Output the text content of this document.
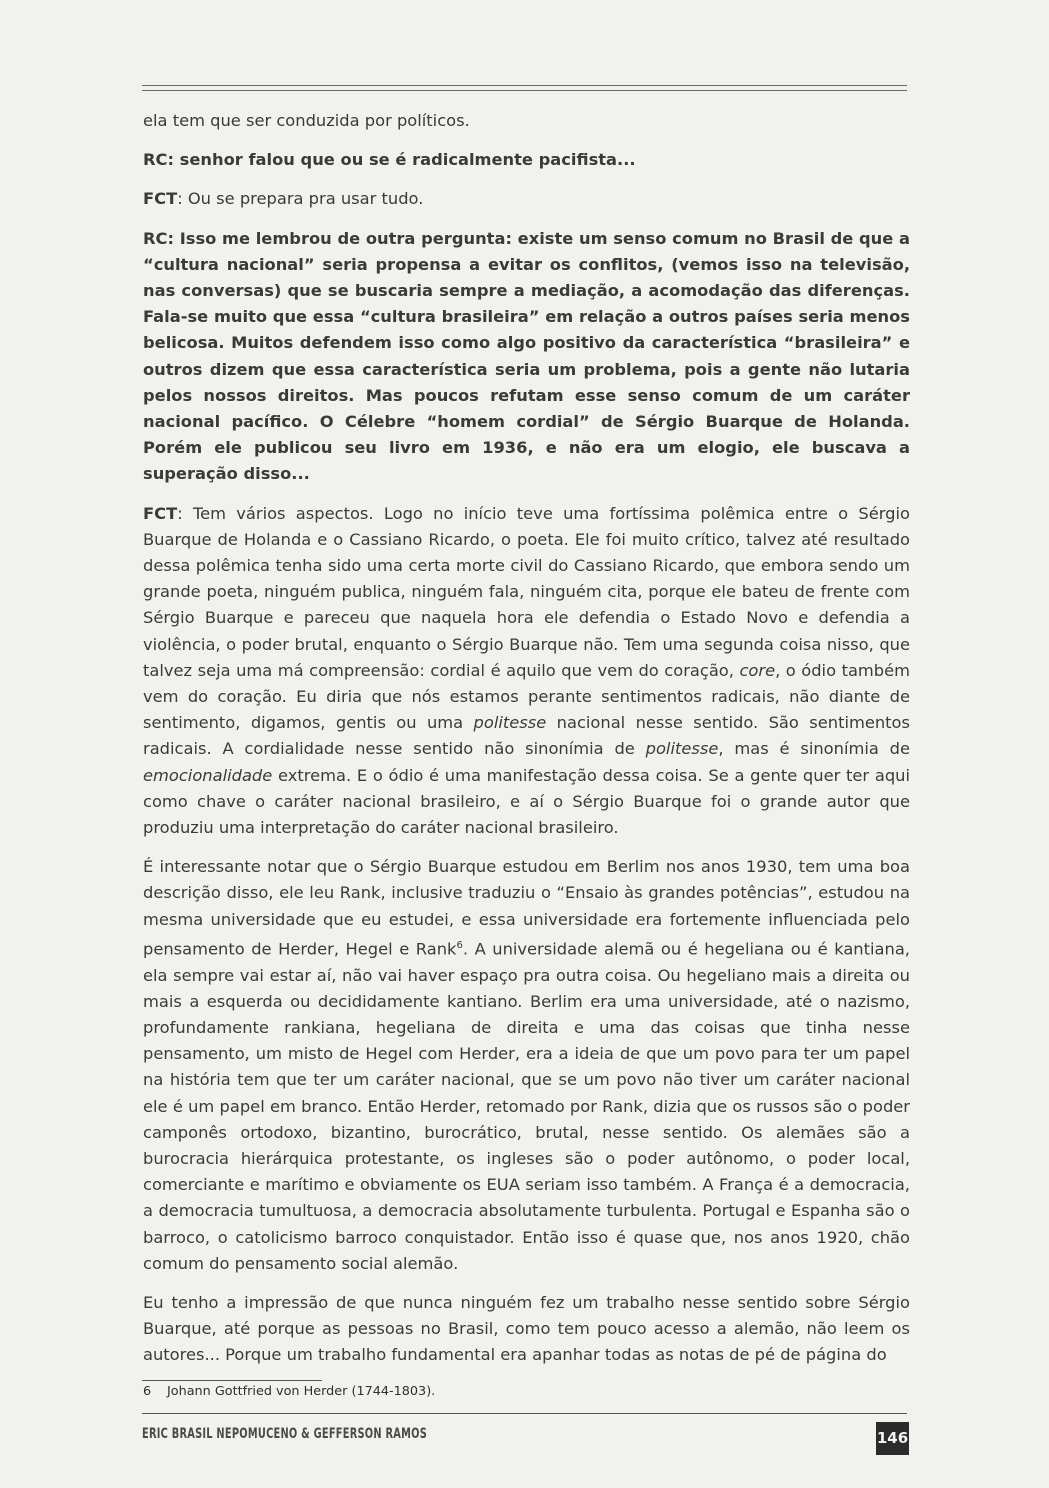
ela tem que ser conduzida por políticos.

RC: senhor falou que ou se é radicalmente pacifista...

FCT: Ou se prepara pra usar tudo.

RC: Isso me lembrou de outra pergunta: existe um senso comum no Brasil de que a “cultura nacional” seria propensa a evitar os conflitos, (vemos isso na televisão, nas conversas) que se buscaria sempre a mediação, a acomodação das diferenças. Fala-se muito que essa “cultura brasileira” em relação a outros países seria menos belicosa. Muitos defendem isso como algo positivo da característica “brasileira” e outros dizem que essa característica seria um problema, pois a gente não lutaria pelos nossos direitos. Mas poucos refutam esse senso comum de um caráter nacional pacífico. O Célebre “homem cordial” de Sérgio Buarque de Holanda. Porém ele publicou seu livro em 1936, e não era um elogio, ele buscava a superação disso...

FCT: Tem vários aspectos. Logo no início teve uma fortíssima polêmica entre o Sérgio Buarque de Holanda e o Cassiano Ricardo, o poeta. Ele foi muito crítico, talvez até resultado dessa polêmica tenha sido uma certa morte civil do Cassiano Ricardo, que embora sendo um grande poeta, ninguém publica, ninguém fala, ninguém cita, porque ele bateu de frente com Sérgio Buarque e pareceu que naquela hora ele defendia o Estado Novo e defendia a violência, o poder brutal, enquanto o Sérgio Buarque não. Tem uma segunda coisa nisso, que talvez seja uma má compreensão: cordial é aquilo que vem do coração, core, o ódio também vem do coração. Eu diria que nós estamos perante sentimentos radicais, não diante de sentimento, digamos, gentis ou uma politesse nacional nesse sentido. São sentimentos radicais. A cordialidade nesse sentido não sinonímia de politesse, mas é sinonímia de emocionalidade extrema. E o ódio é uma manifestação dessa coisa. Se a gente quer ter aqui como chave o caráter nacional brasileiro, e aí o Sérgio Buarque foi o grande autor que produziu uma interpretação do caráter nacional brasileiro.

É interessante notar que o Sérgio Buarque estudou em Berlim nos anos 1930, tem uma boa descrição disso, ele leu Rank, inclusive traduziu o “Ensaio às grandes potências”, estudou na mesma universidade que eu estudei, e essa universidade era fortemente influenciada pelo pensamento de Herder, Hegel e Rank$^6$. A universidade alemã ou é hegeliana ou é kantiana, ela sempre vai estar aí, não vai haver espaço pra outra coisa. Ou hegeliano mais a direita ou mais a esquerda ou decididamente kantiano. Berlim era uma universidade, até o nazismo, profundamente rankiana, hegeliana de direita e uma das coisas que tinha nesse pensamento, um misto de Hegel com Herder, era a ideia de que um povo para ter um papel na história tem que ter um caráter nacional, que se um povo não tiver um caráter nacional ele é um papel em branco. Então Herder, retomado por Rank, dizia que os russos são o poder camponês ortodoxo, bizantino, burocrático, brutal, nesse sentido. Os alemães são a burocracia hierárquica protestante, os ingleses são o poder autônomo, o poder local, comerciante e marítimo e obviamente os EUA seriam isso também. A França é a democracia, a democracia tumultuosa, a democracia absolutamente turbulenta. Portugal e Espanha são o barroco, o catolicismo barroco conquistador. Então isso é quase que, nos anos 1920, chão comum do pensamento social alemão.

Eu tenho a impressão de que nunca ninguém fez um trabalho nesse sentido sobre Sérgio Buarque, até porque as pessoas no Brasil, como tem pouco acesso a alemão, não leem os autores... Porque um trabalho fundamental era apanhar todas as notas de pé de página do

6 Johann Gottfried von Herder (1744-1803).
ERIC BRASIL NEPOMUCENO & GEFFERSON RAMOS	146
